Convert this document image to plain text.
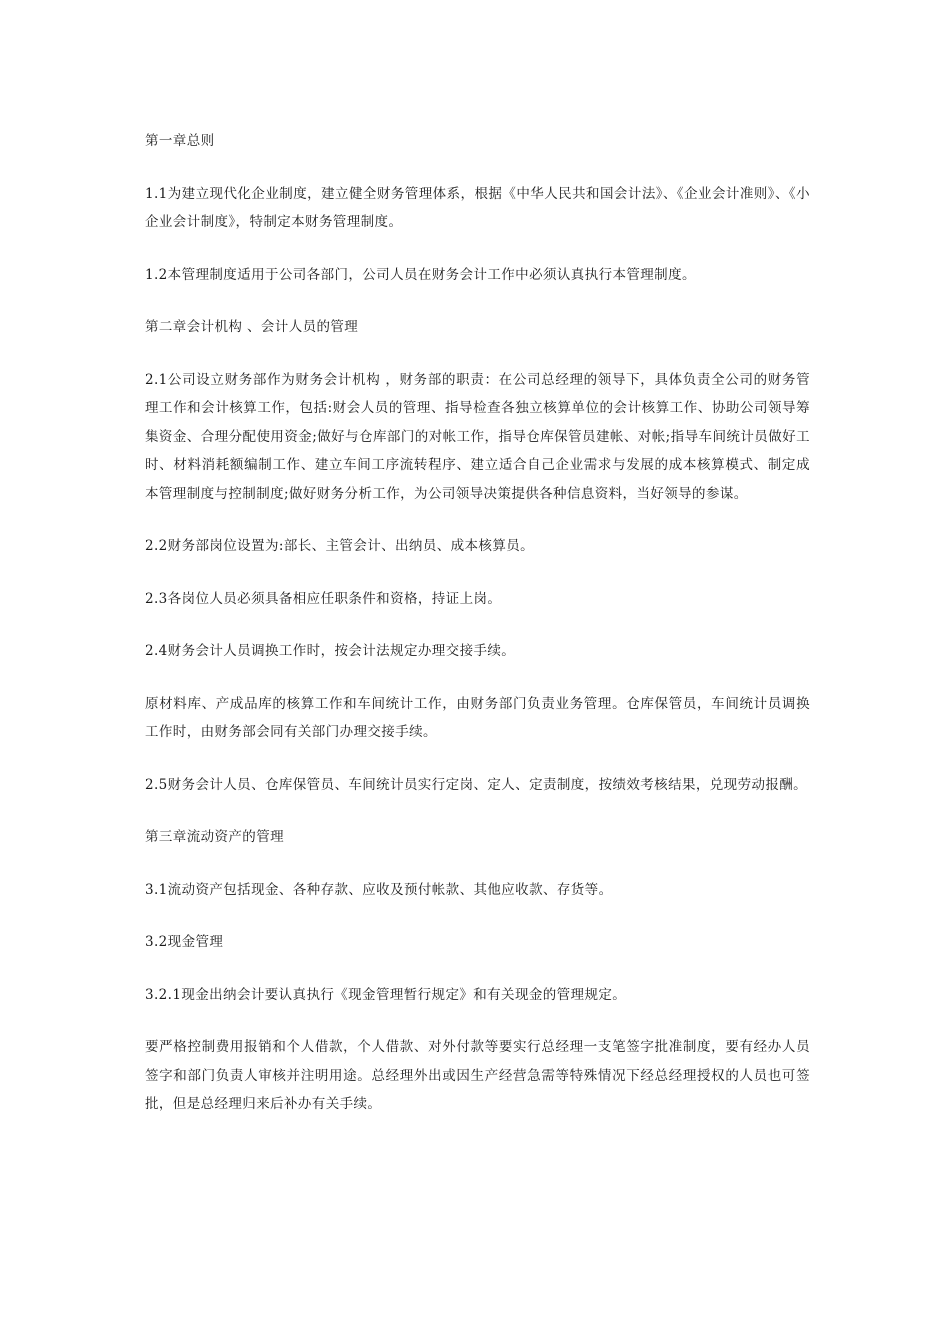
第一章总则

1.1为建立现代化企业制度，建立健全财务管理体系，根据《中华人民共和国会计法》、《企业会计准则》、《小企业会计制度》，特制定本财务管理制度。

1.2本管理制度适用于公司各部门，公司人员在财务会计工作中必须认真执行本管理制度。

第二章会计机构 、会计人员的管理

2.1公司设立财务部作为财务会计机构 ，财务部的职责：在公司总经理的领导下，具体负责全公司的财务管理工作和会计核算工作，包括:财会人员的管理、指导检查各独立核算单位的会计核算工作、协助公司领导筹集资金、合理分配使用资金;做好与仓库部门的对帐工作，指导仓库保管员建帐、对帐;指导车间统计员做好工时、材料消耗额编制工作、建立车间工序流转程序、建立适合自己企业需求与发展的成本核算模式、制定成本管理制度与控制制度;做好财务分析工作，为公司领导决策提供各种信息资料，当好领导的参谋。

2.2财务部岗位设置为:部长、主管会计、出纳员、成本核算员。

2.3各岗位人员必须具备相应任职条件和资格，持证上岗。

2.4财务会计人员调换工作时，按会计法规定办理交接手续。

原材料库、产成品库的核算工作和车间统计工作，由财务部门负责业务管理。仓库保管员，车间统计员调换工作时，由财务部会同有关部门办理交接手续。

2.5财务会计人员、仓库保管员、车间统计员实行定岗、定人、定责制度，按绩效考核结果，兑现劳动报酬。

第三章流动资产的管理

3.1流动资产包括现金、各种存款、应收及预付帐款、其他应收款、存货等。

3.2现金管理

3.2.1现金出纳会计要认真执行《现金管理暂行规定》和有关现金的管理规定。

要严格控制费用报销和个人借款，个人借款、对外付款等要实行总经理一支笔签字批准制度，要有经办人员签字和部门负责人审核并注明用途。总经理外出或因生产经营急需等特殊情况下经总经理授权的人员也可签批，但是总经理归来后补办有关手续。
